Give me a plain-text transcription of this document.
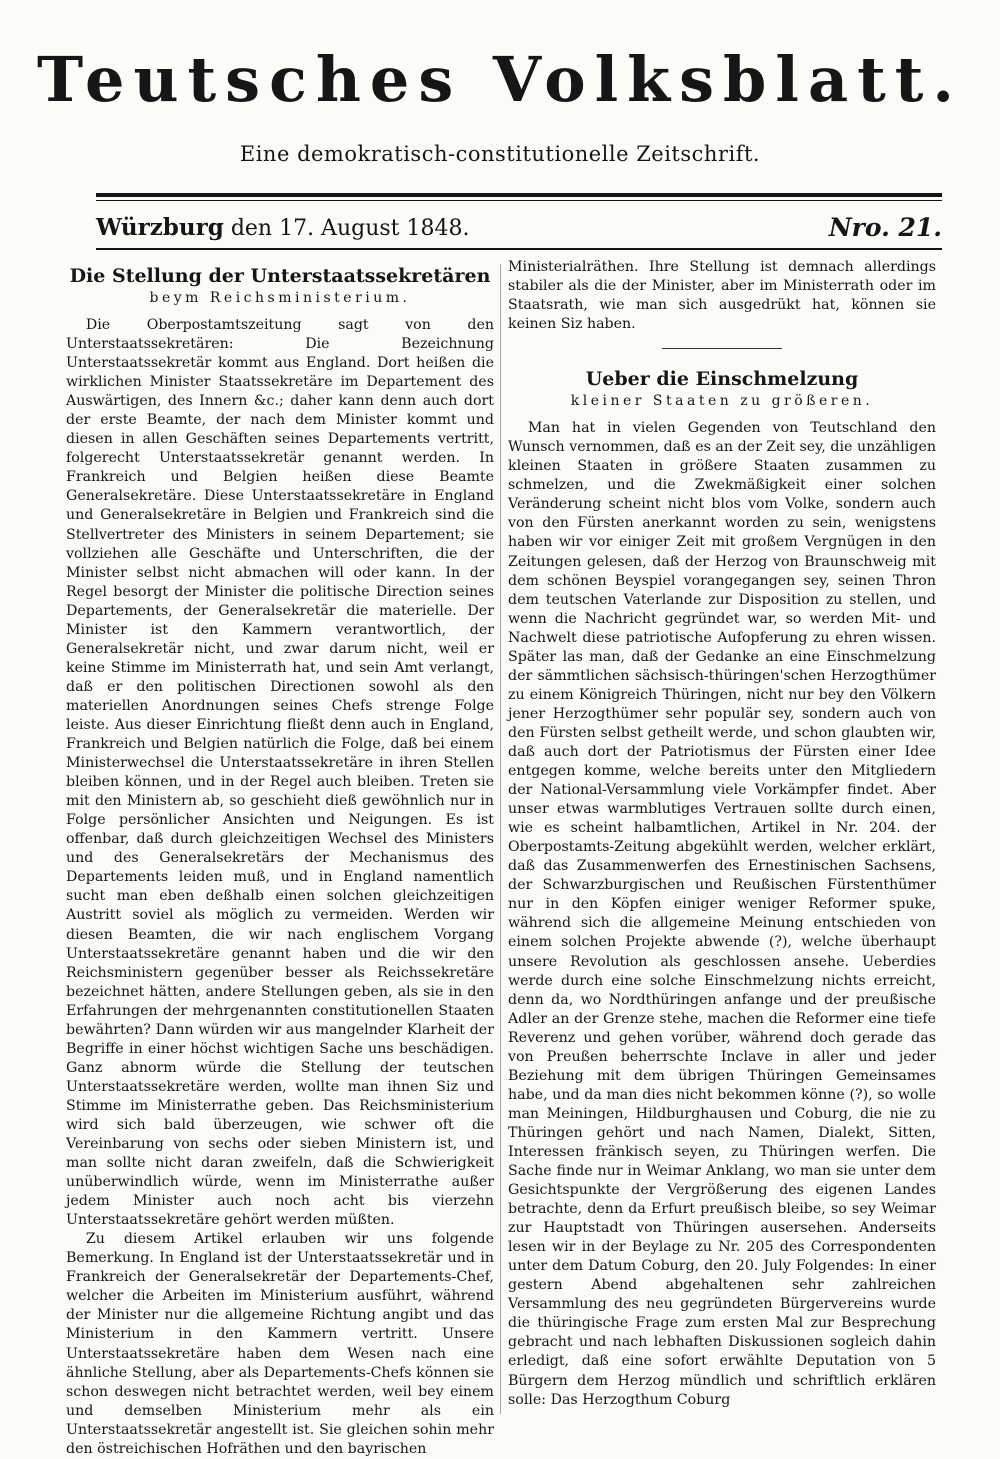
Teutsches Volksblatt.
Eine demokratisch-constitutionelle Zeitschrift.
Würzburg den 17. August 1848.	Nro. 21.
Die Stellung der Unterstaatssekretären
beym Reichsministerium.

Die Oberpostamtszeitung sagt von den Unterstaatssekretären: Die Bezeichnung Unterstaatssekretär kommt aus England. Dort heißen die wirklichen Minister Staatssekretäre im Departement des Auswärtigen, des Innern &c.; daher kann denn auch dort der erste Beamte, der nach dem Minister kommt und diesen in allen Geschäften seines Departements vertritt, folgerecht Unterstaatssekretär genannt werden. In Frankreich und Belgien heißen diese Beamte Generalsekretäre. Diese Unterstaatssekretäre in England und Generalsekretäre in Belgien und Frankreich sind die Stellvertreter des Ministers in seinem Departement; sie vollziehen alle Geschäfte und Unterschriften, die der Minister selbst nicht abmachen will oder kann. In der Regel besorgt der Minister die politische Direction seines Departements, der Generalsekretär die materielle. Der Minister ist den Kammern verantwortlich, der Generalsekretär nicht, und zwar darum nicht, weil er keine Stimme im Ministerrath hat, und sein Amt verlangt, daß er den politischen Directionen sowohl als den materiellen Anordnungen seines Chefs strenge Folge leiste. Aus dieser Einrichtung fließt denn auch in England, Frankreich und Belgien natürlich die Folge, daß bei einem Ministerwechsel die Unterstaatssekretäre in ihren Stellen bleiben können, und in der Regel auch bleiben. Treten sie mit den Ministern ab, so geschieht dieß gewöhnlich nur in Folge persönlicher Ansichten und Neigungen. Es ist offenbar, daß durch gleichzeitigen Wechsel des Ministers und des Generalsekretärs der Mechanismus des Departements leiden muß, und in England namentlich sucht man eben deßhalb einen solchen gleichzeitigen Austritt soviel als möglich zu vermeiden. Werden wir diesen Beamten, die wir nach englischem Vorgang Unterstaatssekretäre genannt haben und die wir den Reichsministern gegenüber besser als Reichssekretäre bezeichnet hätten, andere Stellungen geben, als sie in den Erfahrungen der mehrgenannten constitutionellen Staaten bewährten? Dann würden wir aus mangelnder Klarheit der Begriffe in einer höchst wichtigen Sache uns beschädigen. Ganz abnorm würde die Stellung der teutschen Unterstaatssekretäre werden, wollte man ihnen Siz und Stimme im Ministerrathe geben. Das Reichsministerium wird sich bald überzeugen, wie schwer oft die Vereinbarung von sechs oder sieben Ministern ist, und man sollte nicht daran zweifeln, daß die Schwierigkeit unüberwindlich würde, wenn im Ministerrathe außer jedem Minister auch noch acht bis vierzehn Unterstaatssekretäre gehört werden müßten.

Zu diesem Artikel erlauben wir uns folgende Bemerkung. In England ist der Unterstaatssekretär und in Frankreich der Generalsekretär der Departements-Chef, welcher die Arbeiten im Ministerium ausführt, während der Minister nur die allgemeine Richtung angibt und das Ministerium in den Kammern vertritt. Unsere Unterstaatssekretäre haben dem Wesen nach eine ähnliche Stellung, aber als Departements-Chefs können sie schon deswegen nicht betrachtet werden, weil bey einem und demselben Ministerium mehr als ein Unterstaatssekretär angestellt ist. Sie gleichen sohin mehr den östreichischen Hofräthen und den bayrischen

Ministerialräthen. Ihre Stellung ist demnach allerdings stabiler als die der Minister, aber im Ministerrath oder im Staatsrath, wie man sich ausgedrükt hat, können sie keinen Siz haben.

Ueber die Einschmelzung
kleiner Staaten zu größeren.

Man hat in vielen Gegenden von Teutschland den Wunsch vernommen, daß es an der Zeit sey, die unzähligen kleinen Staaten in größere Staaten zusammen zu schmelzen, und die Zwekmäßigkeit einer solchen Veränderung scheint nicht blos vom Volke, sondern auch von den Fürsten anerkannt worden zu sein, wenigstens haben wir vor einiger Zeit mit großem Vergnügen in den Zeitungen gelesen, daß der Herzog von Braunschweig mit dem schönen Beyspiel vorangegangen sey, seinen Thron dem teutschen Vaterlande zur Disposition zu stellen, und wenn die Nachricht gegründet war, so werden Mit- und Nachwelt diese patriotische Aufopferung zu ehren wissen. Später las man, daß der Gedanke an eine Einschmelzung der sämmtlichen sächsisch-thüringen'schen Herzogthümer zu einem Königreich Thüringen, nicht nur bey den Völkern jener Herzogthümer sehr populär sey, sondern auch von den Fürsten selbst getheilt werde, und schon glaubten wir, daß auch dort der Patriotismus der Fürsten einer Idee entgegen komme, welche bereits unter den Mitgliedern der National-Versammlung viele Vorkämpfer findet. Aber unser etwas warmblutiges Vertrauen sollte durch einen, wie es scheint halbamtlichen, Artikel in Nr. 204. der Oberpostamts-Zeitung abgekühlt werden, welcher erklärt, daß das Zusammenwerfen des Ernestinischen Sachsens, der Schwarzburgischen und Reußischen Fürstenthümer nur in den Köpfen einiger weniger Reformer spuke, während sich die allgemeine Meinung entschieden von einem solchen Projekte abwende (?), welche überhaupt unsere Revolution als geschlossen ansehe. Ueberdies werde durch eine solche Einschmelzung nichts erreicht, denn da, wo Nordthüringen anfange und der preußische Adler an der Grenze stehe, machen die Reformer eine tiefe Reverenz und gehen vorüber, während doch gerade das von Preußen beherrschte Inclave in aller und jeder Beziehung mit dem übrigen Thüringen Gemeinsames habe, und da man dies nicht bekommen könne (?), so wolle man Meiningen, Hildburghausen und Coburg, die nie zu Thüringen gehört und nach Namen, Dialekt, Sitten, Interessen fränkisch seyen, zu Thüringen werfen. Die Sache finde nur in Weimar Anklang, wo man sie unter dem Gesichtspunkte der Vergrößerung des eigenen Landes betrachte, denn da Erfurt preußisch bleibe, so sey Weimar zur Hauptstadt von Thüringen ausersehen. Anderseits lesen wir in der Beylage zu Nr. 205 des Correspondenten unter dem Datum Coburg, den 20. July Folgendes: In einer gestern Abend abgehaltenen sehr zahlreichen Versammlung des neu gegründeten Bürgervereins wurde die thüringische Frage zum ersten Mal zur Besprechung gebracht und nach lebhaften Diskussionen sogleich dahin erledigt, daß eine sofort erwählte Deputation von 5 Bürgern dem Herzog mündlich und schriftlich erklären solle: Das Herzogthum Coburg
